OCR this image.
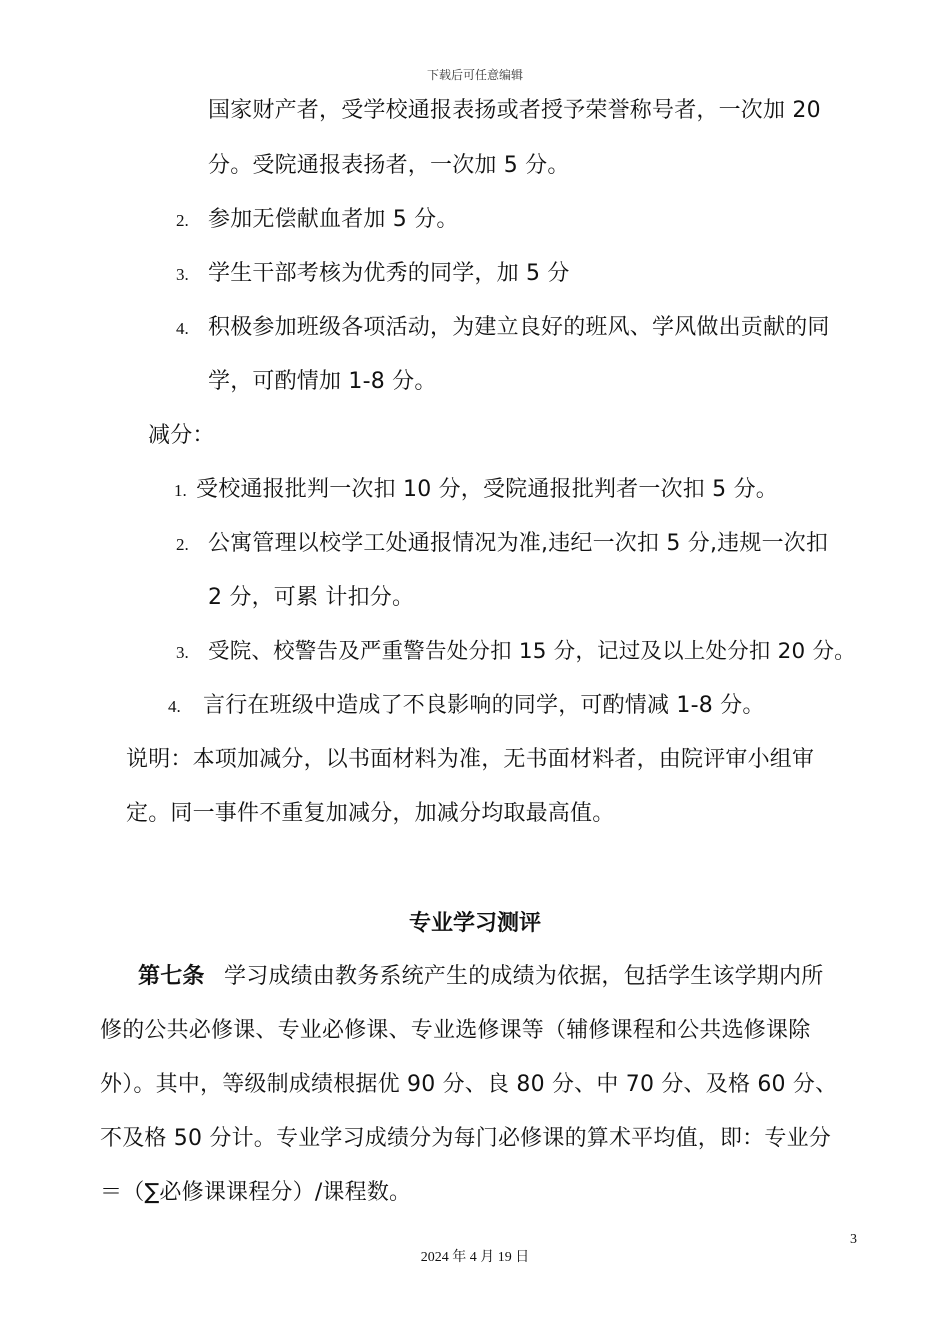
下载后可任意编辑
国家财产者，受学校通报表扬或者授予荣誉称号者，一次加 20
分。受院通报表扬者，一次加 5 分。
2. 参加无偿献血者加 5 分。
3. 学生干部考核为优秀的同学，加 5 分
4. 积极参加班级各项活动，为建立良好的班风、学风做出贡献的同
学，可酌情加 1-8 分。
减分：
1. 受校通报批判一次扣 10 分，受院通报批判者一次扣 5 分。
2. 公寓管理以校学工处通报情况为准,违纪一次扣 5 分,违规一次扣
2 分，可累 计扣分。
3. 受院、校警告及严重警告处分扣 15 分，记过及以上处分扣 20 分。
4. 言行在班级中造成了不良影响的同学，可酌情减 1-8 分。
说明：本项加减分，以书面材料为准，无书面材料者，由院评审小组审
定。同一事件不重复加减分，加减分均取最高值。
专业学习测评
第七条 学习成绩由教务系统产生的成绩为依据，包括学生该学期内所
修的公共必修课、专业必修课、专业选修课等（辅修课程和公共选修课除
外）。其中，等级制成绩根据优 90 分、良 80 分、中 70 分、及格 60 分、
不及格 50 分计。专业学习成绩分为每门必修课的算术平均值，即：专业分
＝（∑必修课课程分）/课程数。
3
2024 年 4 月 19 日
